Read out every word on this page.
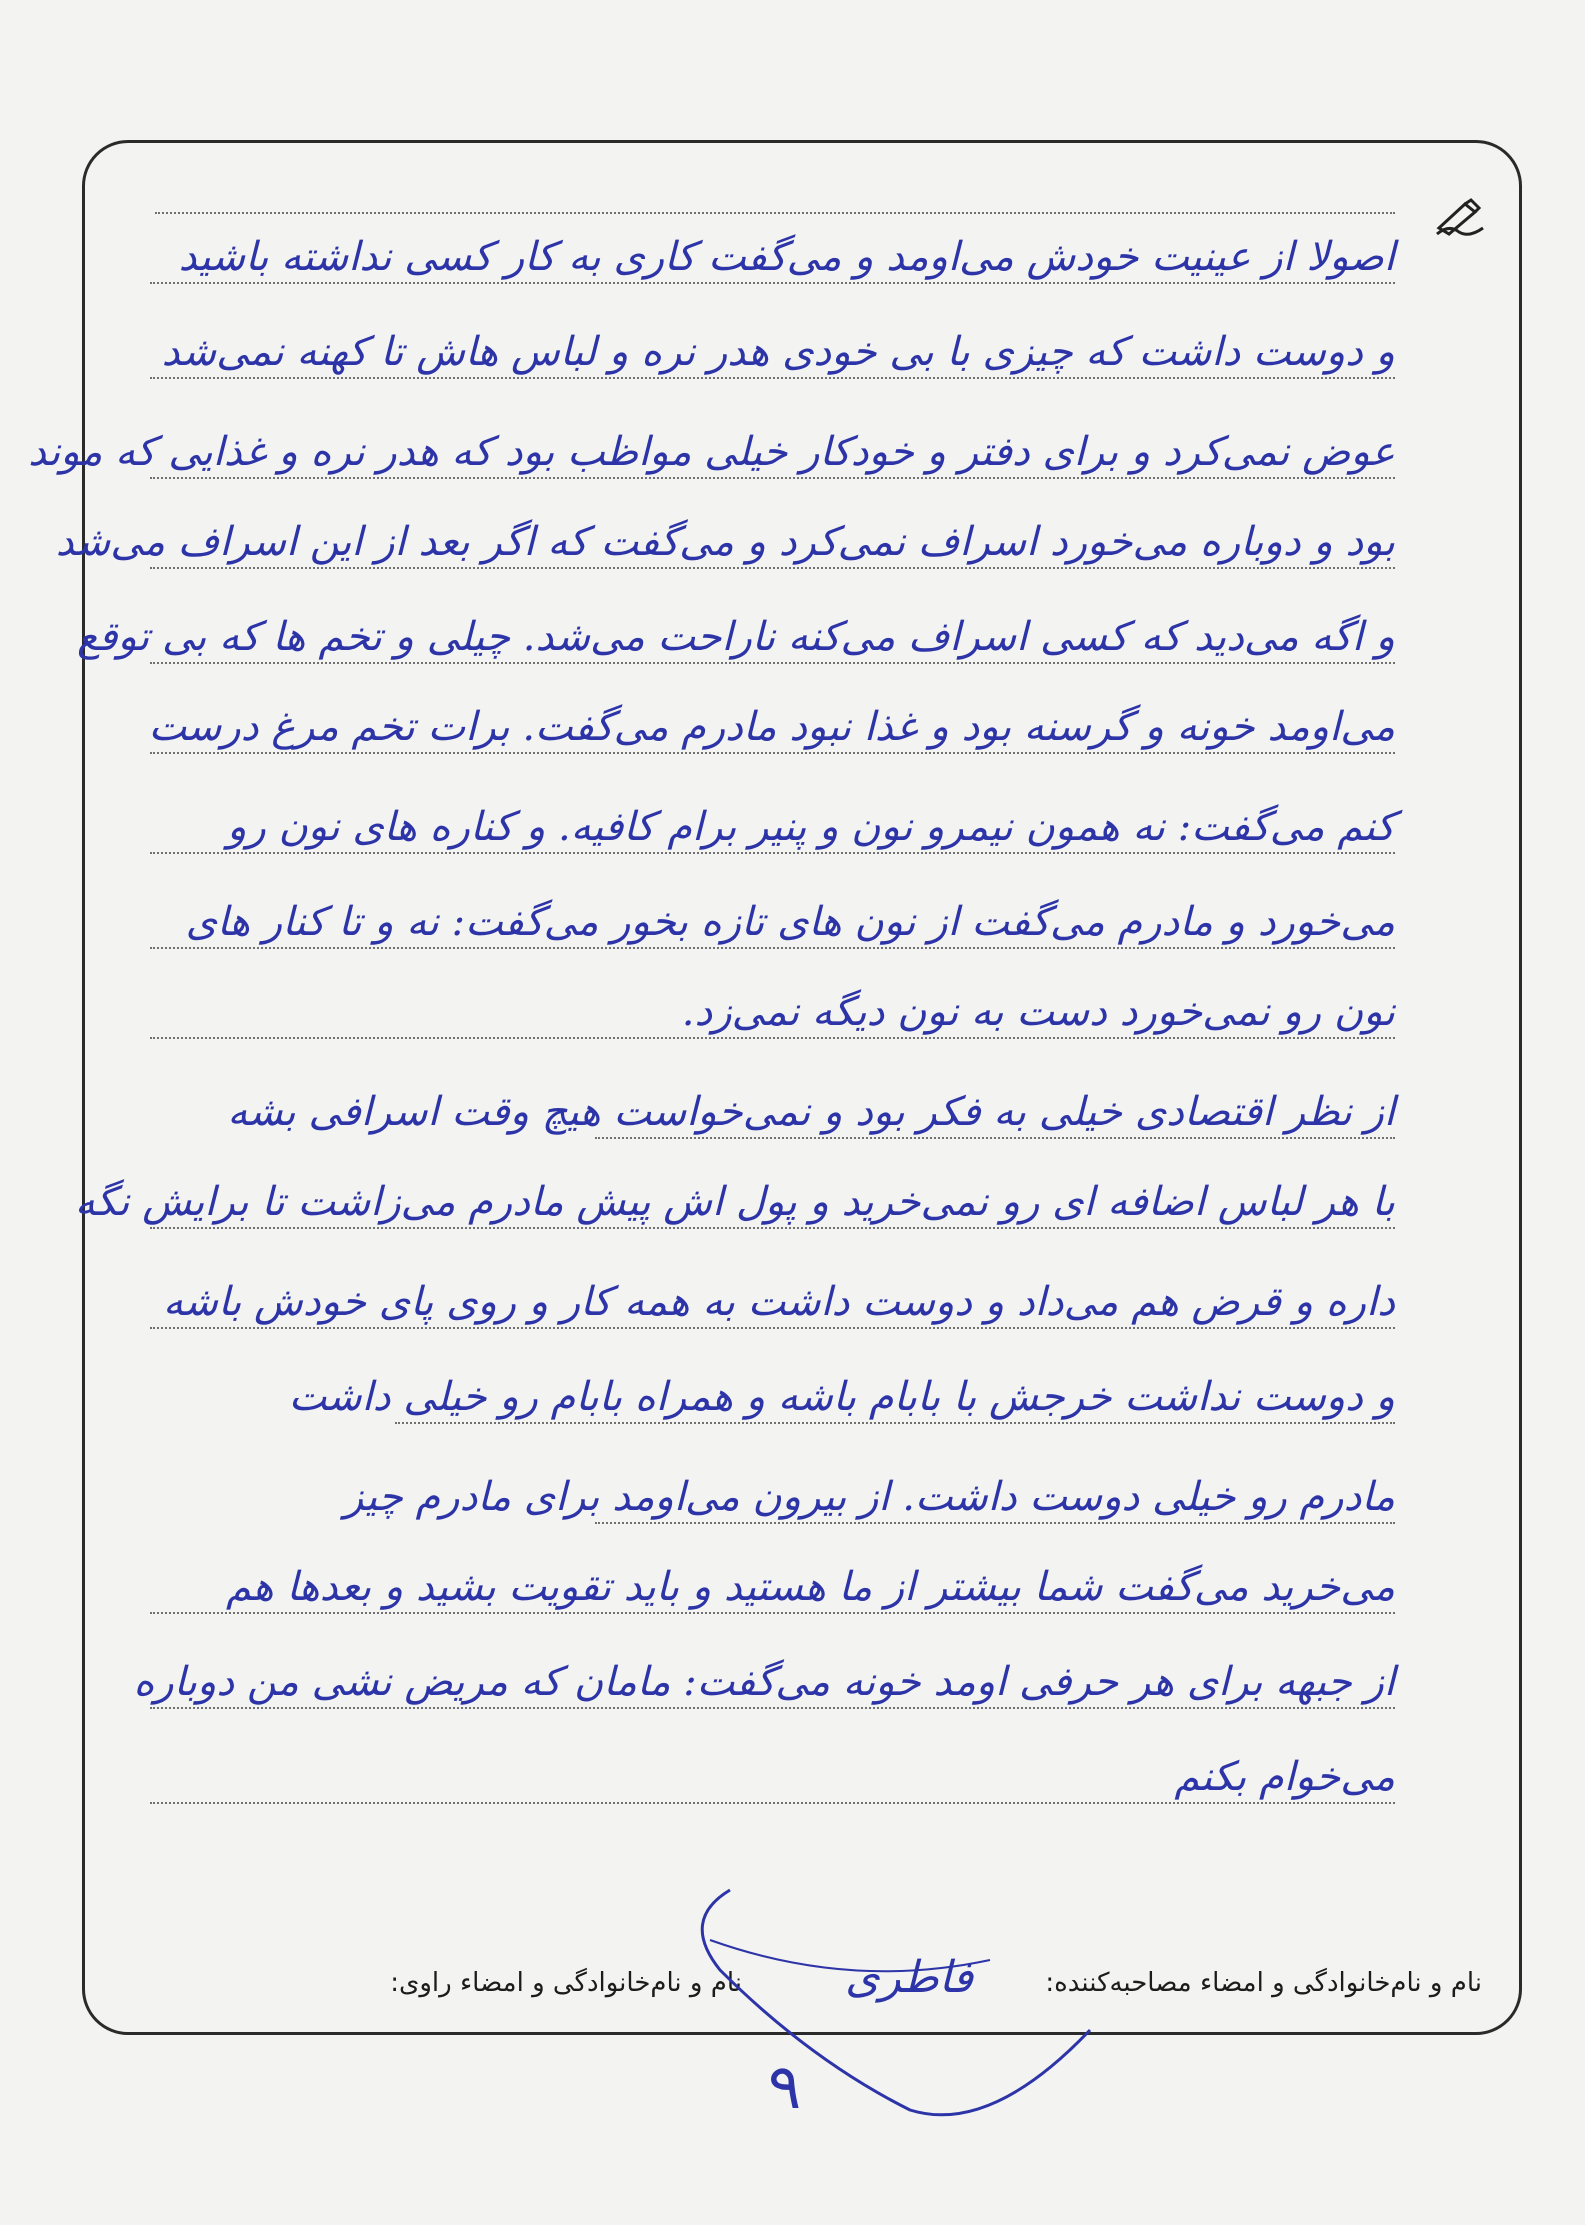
اصولا از عینیت خودش می‌اومد و می‌گفت کاری به کار کسی نداشته باشید
و دوست داشت که چیزی با بی خودی هدر نره و لباس هاش تا کهنه نمی‌شد
عوض نمی‌کرد و برای دفتر و خودکار خیلی مواظب بود که هدر نره و غذایی که موند
بود و دوباره می‌خورد اسراف نمی‌کرد و می‌گفت که اگر بعد از این اسراف می‌شد
و اگه می‌دید که کسی اسراف می‌کنه ناراحت می‌شد. چیلی و تخم ها که بی توقع
می‌اومد خونه و گرسنه بود و غذا نبود مادرم می‌گفت. برات تخم مرغ درست
کنم می‌گفت: نه همون نیمرو نون و پنیر برام کافیه. و کناره های نون رو
می‌خورد و مادرم می‌گفت از نون های تازه بخور می‌گفت: نه و تا کنار های
نون رو نمی‌خورد دست به نون دیگه نمی‌زد.
از نظر اقتصادی خیلی به فکر بود و نمی‌خواست هیچ وقت اسرافی بشه
با هر لباس اضافه ای رو نمی‌خرید و پول اش پیش مادرم می‌زاشت تا برایش نگه
داره و قرض هم می‌داد و دوست داشت به همه کار و روی پای خودش باشه
و دوست نداشت خرجش با بابام باشه و همراه بابام رو خیلی داشت
مادرم رو خیلی دوست داشت. از بیرون می‌اومد برای مادرم چیز
می‌خرید می‌گفت شما بیشتر از ما هستید و باید تقویت بشید و بعدها هم
از جبهه برای هر حرفی اومد خونه می‌گفت: مامان که مریض نشی من دوباره
می‌خوام بکنم
نام و نام‌خانوادگی و امضاء مصاحبه‌کننده:
نام و نام‌خانوادگی و امضاء راوی: فاطری
۹
